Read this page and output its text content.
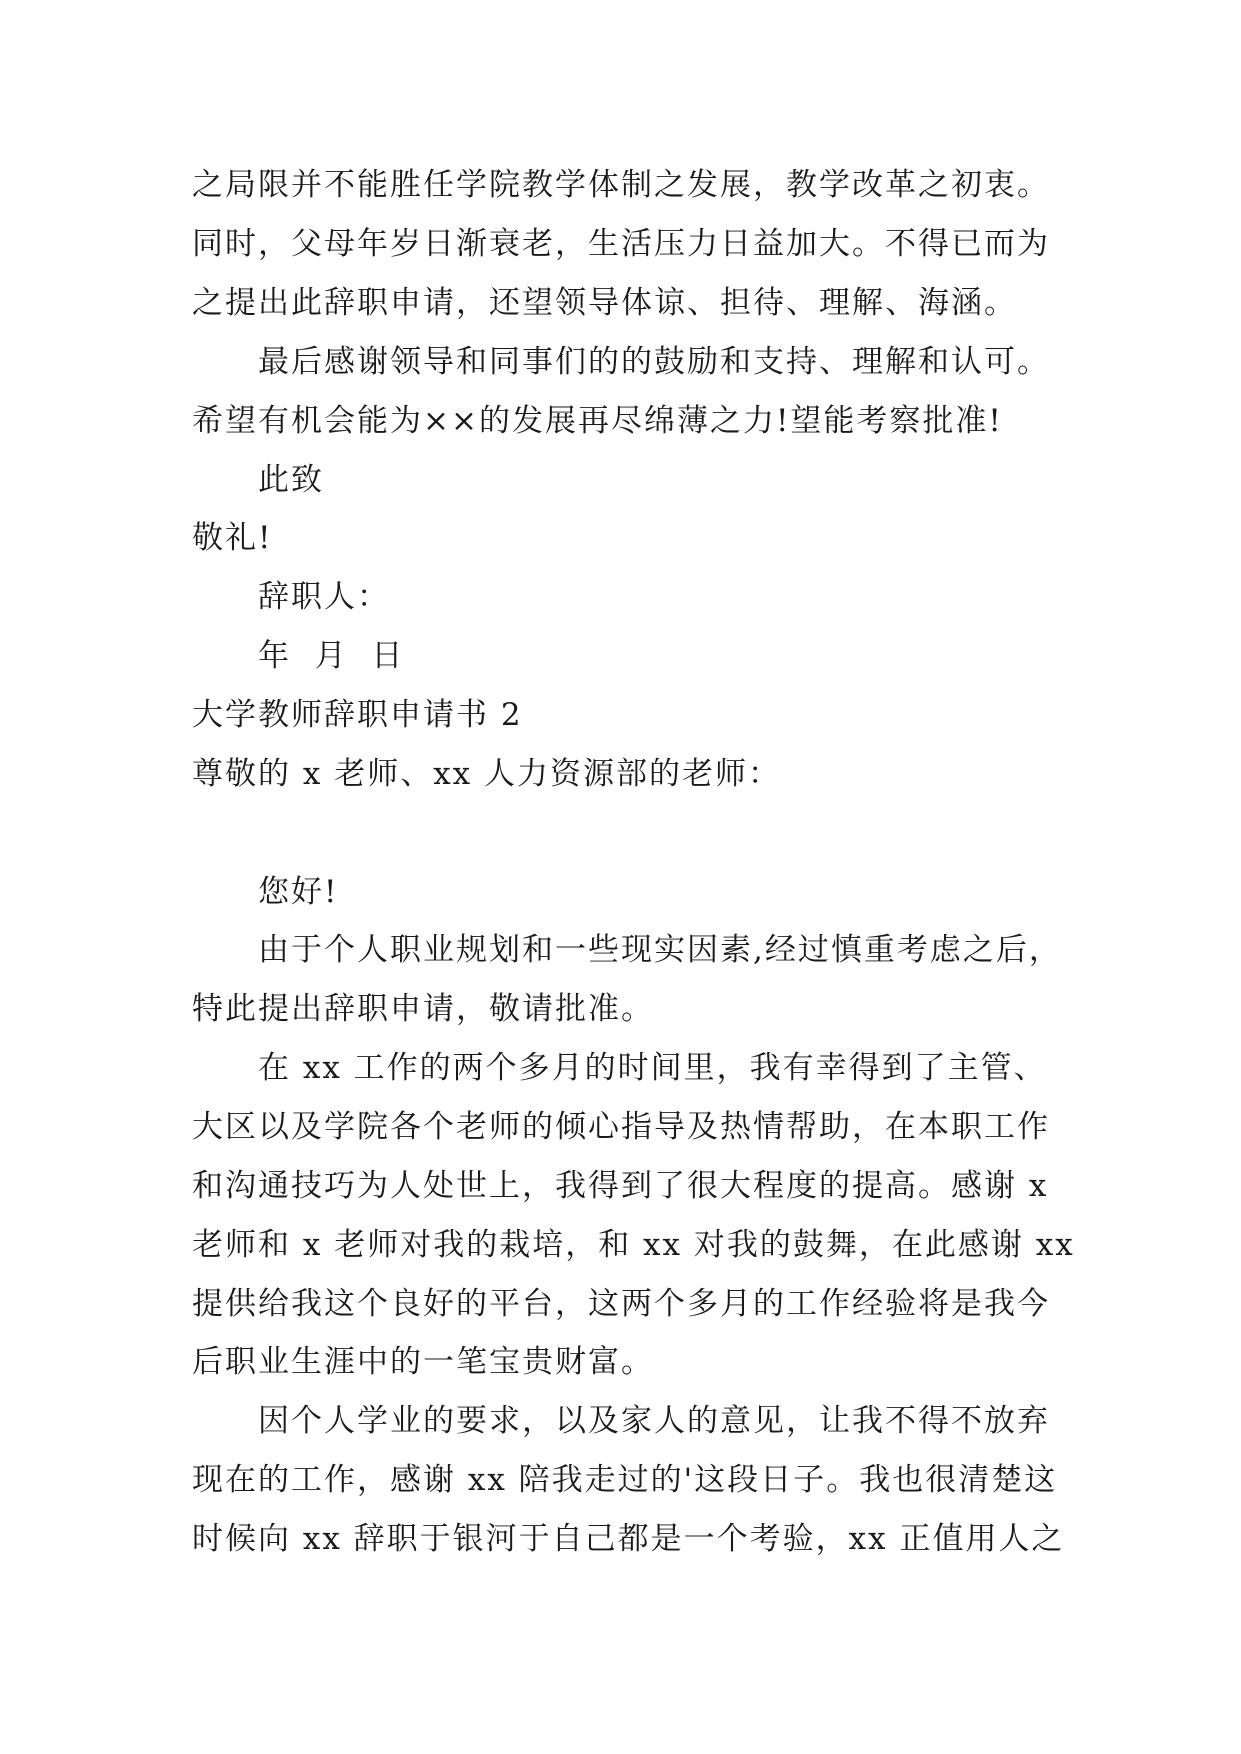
之局限并不能胜任学院教学体制之发展，教学改革之初衷。
同时，父母年岁日渐衰老，生活压力日益加大。不得已而为
之提出此辞职申请，还望领导体谅、担待、理解、海涵。
最后感谢领导和同事们的的鼓励和支持、理解和认可。
希望有机会能为××的发展再尽绵薄之力!望能考察批准!
此致
敬礼!
辞职人：
年  月  日
大学教师辞职申请书 2
尊敬的 x 老师、xx 人力资源部的老师：
您好!
由于个人职业规划和一些现实因素,经过慎重考虑之后，
特此提出辞职申请，敬请批准。
在 xx 工作的两个多月的时间里，我有幸得到了主管、
大区以及学院各个老师的倾心指导及热情帮助，在本职工作
和沟通技巧为人处世上，我得到了很大程度的提高。感谢 x
老师和 x 老师对我的栽培，和 xx 对我的鼓舞，在此感谢 xx
提供给我这个良好的平台，这两个多月的工作经验将是我今
后职业生涯中的一笔宝贵财富。
因个人学业的要求，以及家人的意见，让我不得不放弃
现在的工作，感谢 xx 陪我走过的'这段日子。我也很清楚这
时候向 xx 辞职于银河于自己都是一个考验，xx 正值用人之
